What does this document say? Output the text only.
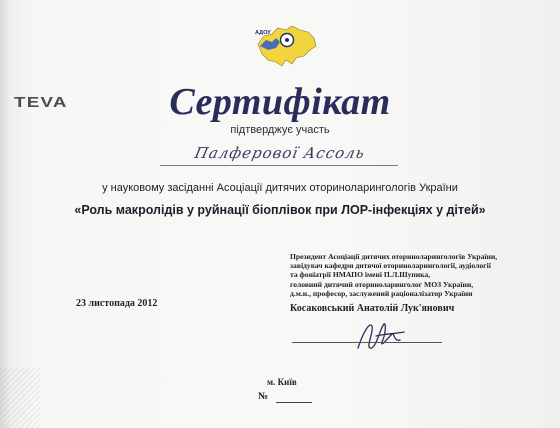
АДОУ
TEVA	Сертифікат
підтверджує участь
Палферової Ассоль
у науковому засіданні Асоціації дитячих оториноларингологів України
«Роль макролідів у руйнації біоплівок при ЛОР-інфекціях у дітей»
Президент Асоціації дитячих оториноларингологів України,
завідувач кафедри дитячої оториноларингології, аудіології
та фоніатрії НМАПО імені П.Л.Шупика,
головний дитячий оториноларинголог МОЗ України,
д.м.н., професор, заслужений раціоналізатор України
Косаковський Анатолій Лук'янович
23 листопада 2012
м. Київ
№
